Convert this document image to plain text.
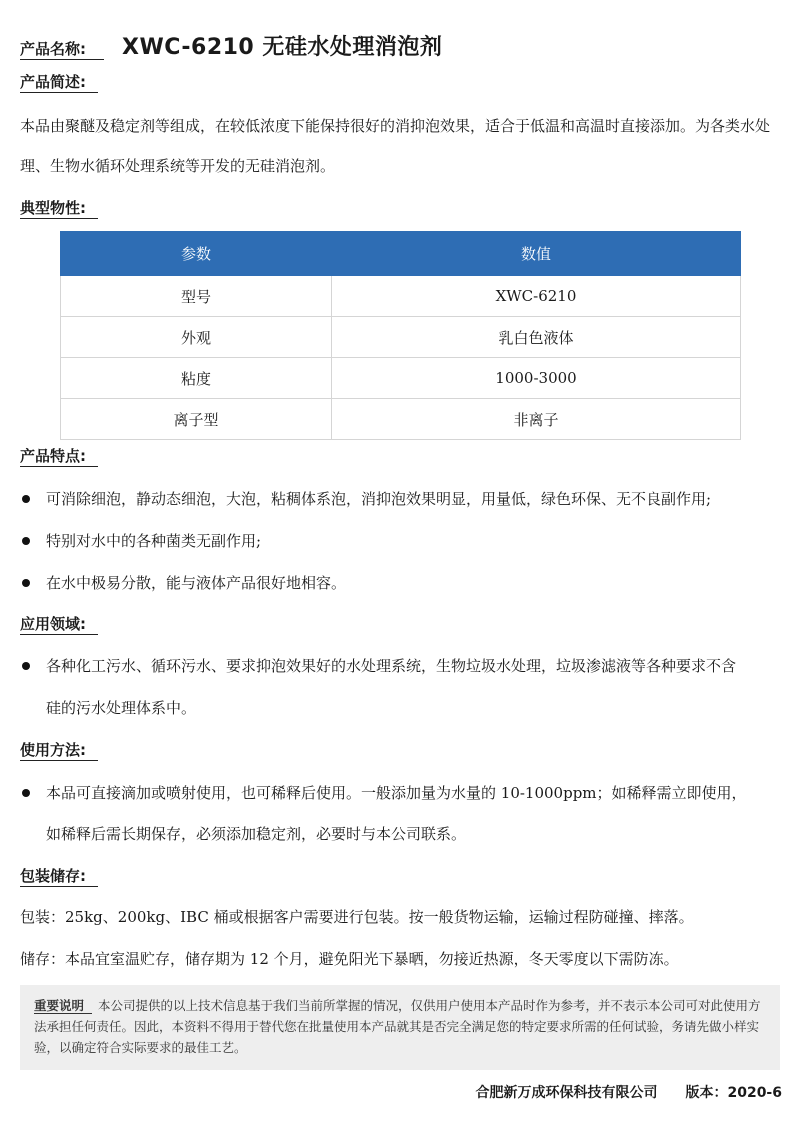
产品名称:	XWC-6210 无硅水处理消泡剂
产品简述:
本品由聚醚及稳定剂等组成，在较低浓度下能保持很好的消抑泡效果，适合于低温和高温时直接添加。为各类水处理、生物水循环处理系统等开发的无硅消泡剂。
典型物性:
参数	数值
型号	XWC-6210
外观	乳白色液体
粘度	1000-3000
离子型	非离子
产品特点:
可消除细泡，静动态细泡，大泡，粘稠体系泡，消抑泡效果明显，用量低，绿色环保、无不良副作用;
特别对水中的各种菌类无副作用;
在水中极易分散，能与液体产品很好地相容。
应用领域:
各种化工污水、循环污水、要求抑泡效果好的水处理系统，生物垃圾水处理，垃圾渗滤液等各种要求不含
硅的污水处理体系中。
使用方法:
本品可直接滴加或喷射使用，也可稀释后使用。一般添加量为水量的 10-1000ppm；如稀释需立即使用，
如稀释后需长期保存，必须添加稳定剂，必要时与本公司联系。
包装储存:
包装：25kg、200kg、IBC 桶或根据客户需要进行包装。按一般货物运输，运输过程防碰撞、摔落。
储存：本品宜室温贮存，储存期为 12 个月，避免阳光下暴晒，勿接近热源，冬天零度以下需防冻。
重要说明 本公司提供的以上技术信息基于我们当前所掌握的情况，仅供用户使用本产品时作为参考，并不表示本公司可对此使用方法承担任何责任。因此，本资料不得用于替代您在批量使用本产品就其是否完全满足您的特定要求所需的任何试验，务请先做小样实验，以确定符合实际要求的最佳工艺。
合肥新万成环保科技有限公司 版本：2020-6
